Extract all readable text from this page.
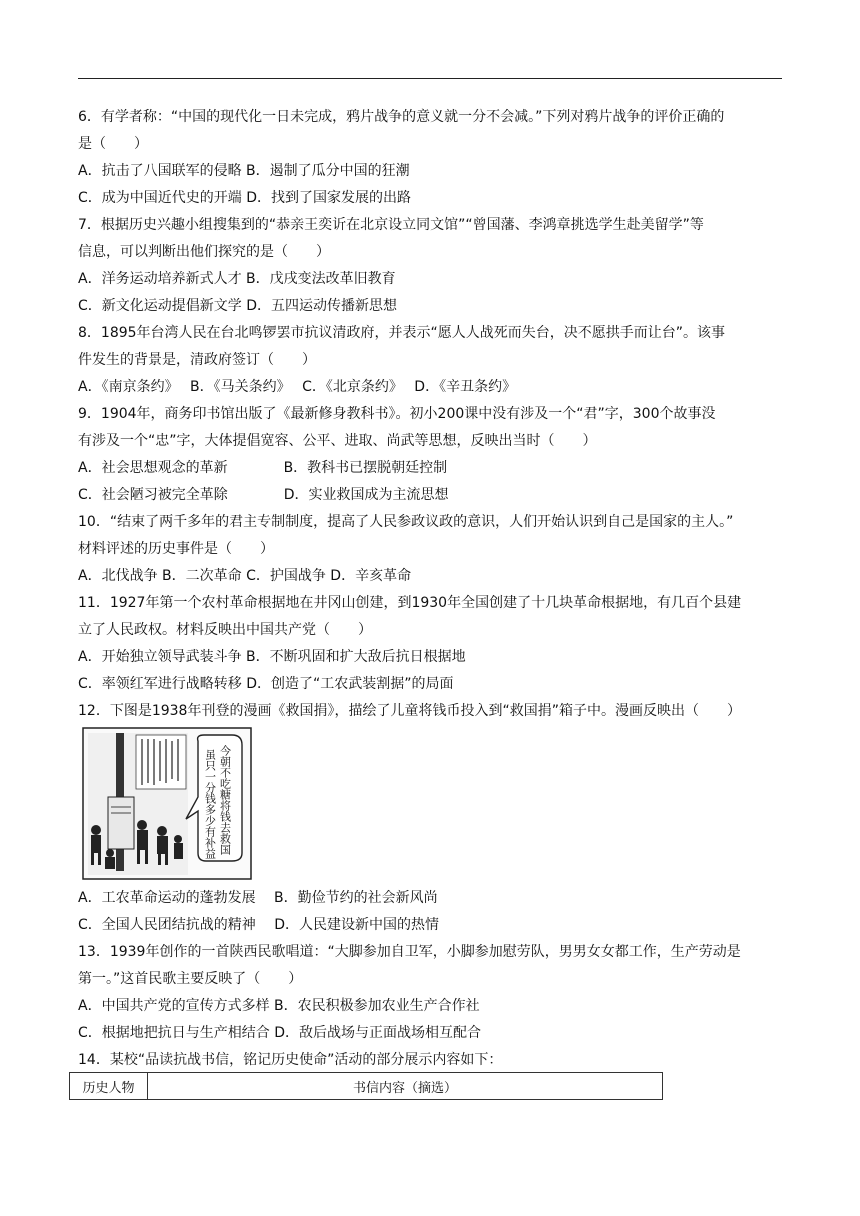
6．有学者称：“中国的现代化一日未完成，鸦片战争的意义就一分不会减。”下列对鸦片战争的评价正确的
是（　　）
A．抗击了八国联军的侵略 B．遏制了瓜分中国的狂潮
C．成为中国近代史的开端 D．找到了国家发展的出路
7．根据历史兴趣小组搜集到的“恭亲王奕䜣在北京设立同文馆”“曾国藩、李鸿章挑选学生赴美留学”等
信息，可以判断出他们探究的是（　　）
A．洋务运动培养新式人才 B．戊戌变法改革旧教育
C．新文化运动提倡新文学 D．五四运动传播新思想
8．1895年台湾人民在台北鸣锣罢市抗议清政府，并表示“愿人人战死而失台，决不愿拱手而让台”。该事
件发生的背景是，清政府签订（　　）
A．《南京条约》　 B．《马关条约》　 C．《北京条约》　 D．《辛丑条约》
9．1904年，商务印书馆出版了《最新修身教科书》。初小200课中没有涉及一个“君”字，300个故事没
有涉及一个“忠”字，大体提倡宽容、公平、进取、尚武等思想，反映出当时（　　）
A．社会思想观念的革新　　　　B．教科书已摆脱朝廷控制
C．社会陋习被完全革除　　　　D．实业救国成为主流思想
10．“结束了两千多年的君主专制制度，提高了人民参政议政的意识，人们开始认识到自己是国家的主人。”
材料评述的历史事件是（　　）
A．北伐战争 B．二次革命 C．护国战争 D．辛亥革命
11．1927年第一个农村革命根据地在井冈山创建，到1930年全国创建了十几块革命根据地，有几百个县建
立了人民政权。材料反映出中国共产党（　　）
A．开始独立领导武装斗争 B．不断巩固和扩大敌后抗日根据地
C．率领红军进行战略转移 D．创造了“工农武装割据”的局面
12．下图是1938年刊登的漫画《救国捐》，描绘了儿童将钱币投入到“救国捐”箱子中。漫画反映出（　　）
今朝不吃糖将钱去救国
虽只一分钱多少有补益
A．工农革命运动的蓬勃发展　 B．勤俭节约的社会新风尚
C．全国人民团结抗战的精神　 D．人民建设新中国的热情
13．1939年创作的一首陕西民歌唱道：“大脚参加自卫军，小脚参加慰劳队，男男女女都工作，生产劳动是
第一。”这首民歌主要反映了（　　）
A．中国共产党的宣传方式多样 B．农民积极参加农业生产合作社
C．根据地把抗日与生产相结合 D．敌后战场与正面战场相互配合
14．某校“品读抗战书信，铭记历史使命”活动的部分展示内容如下：
历史人物	书信内容（摘选）
